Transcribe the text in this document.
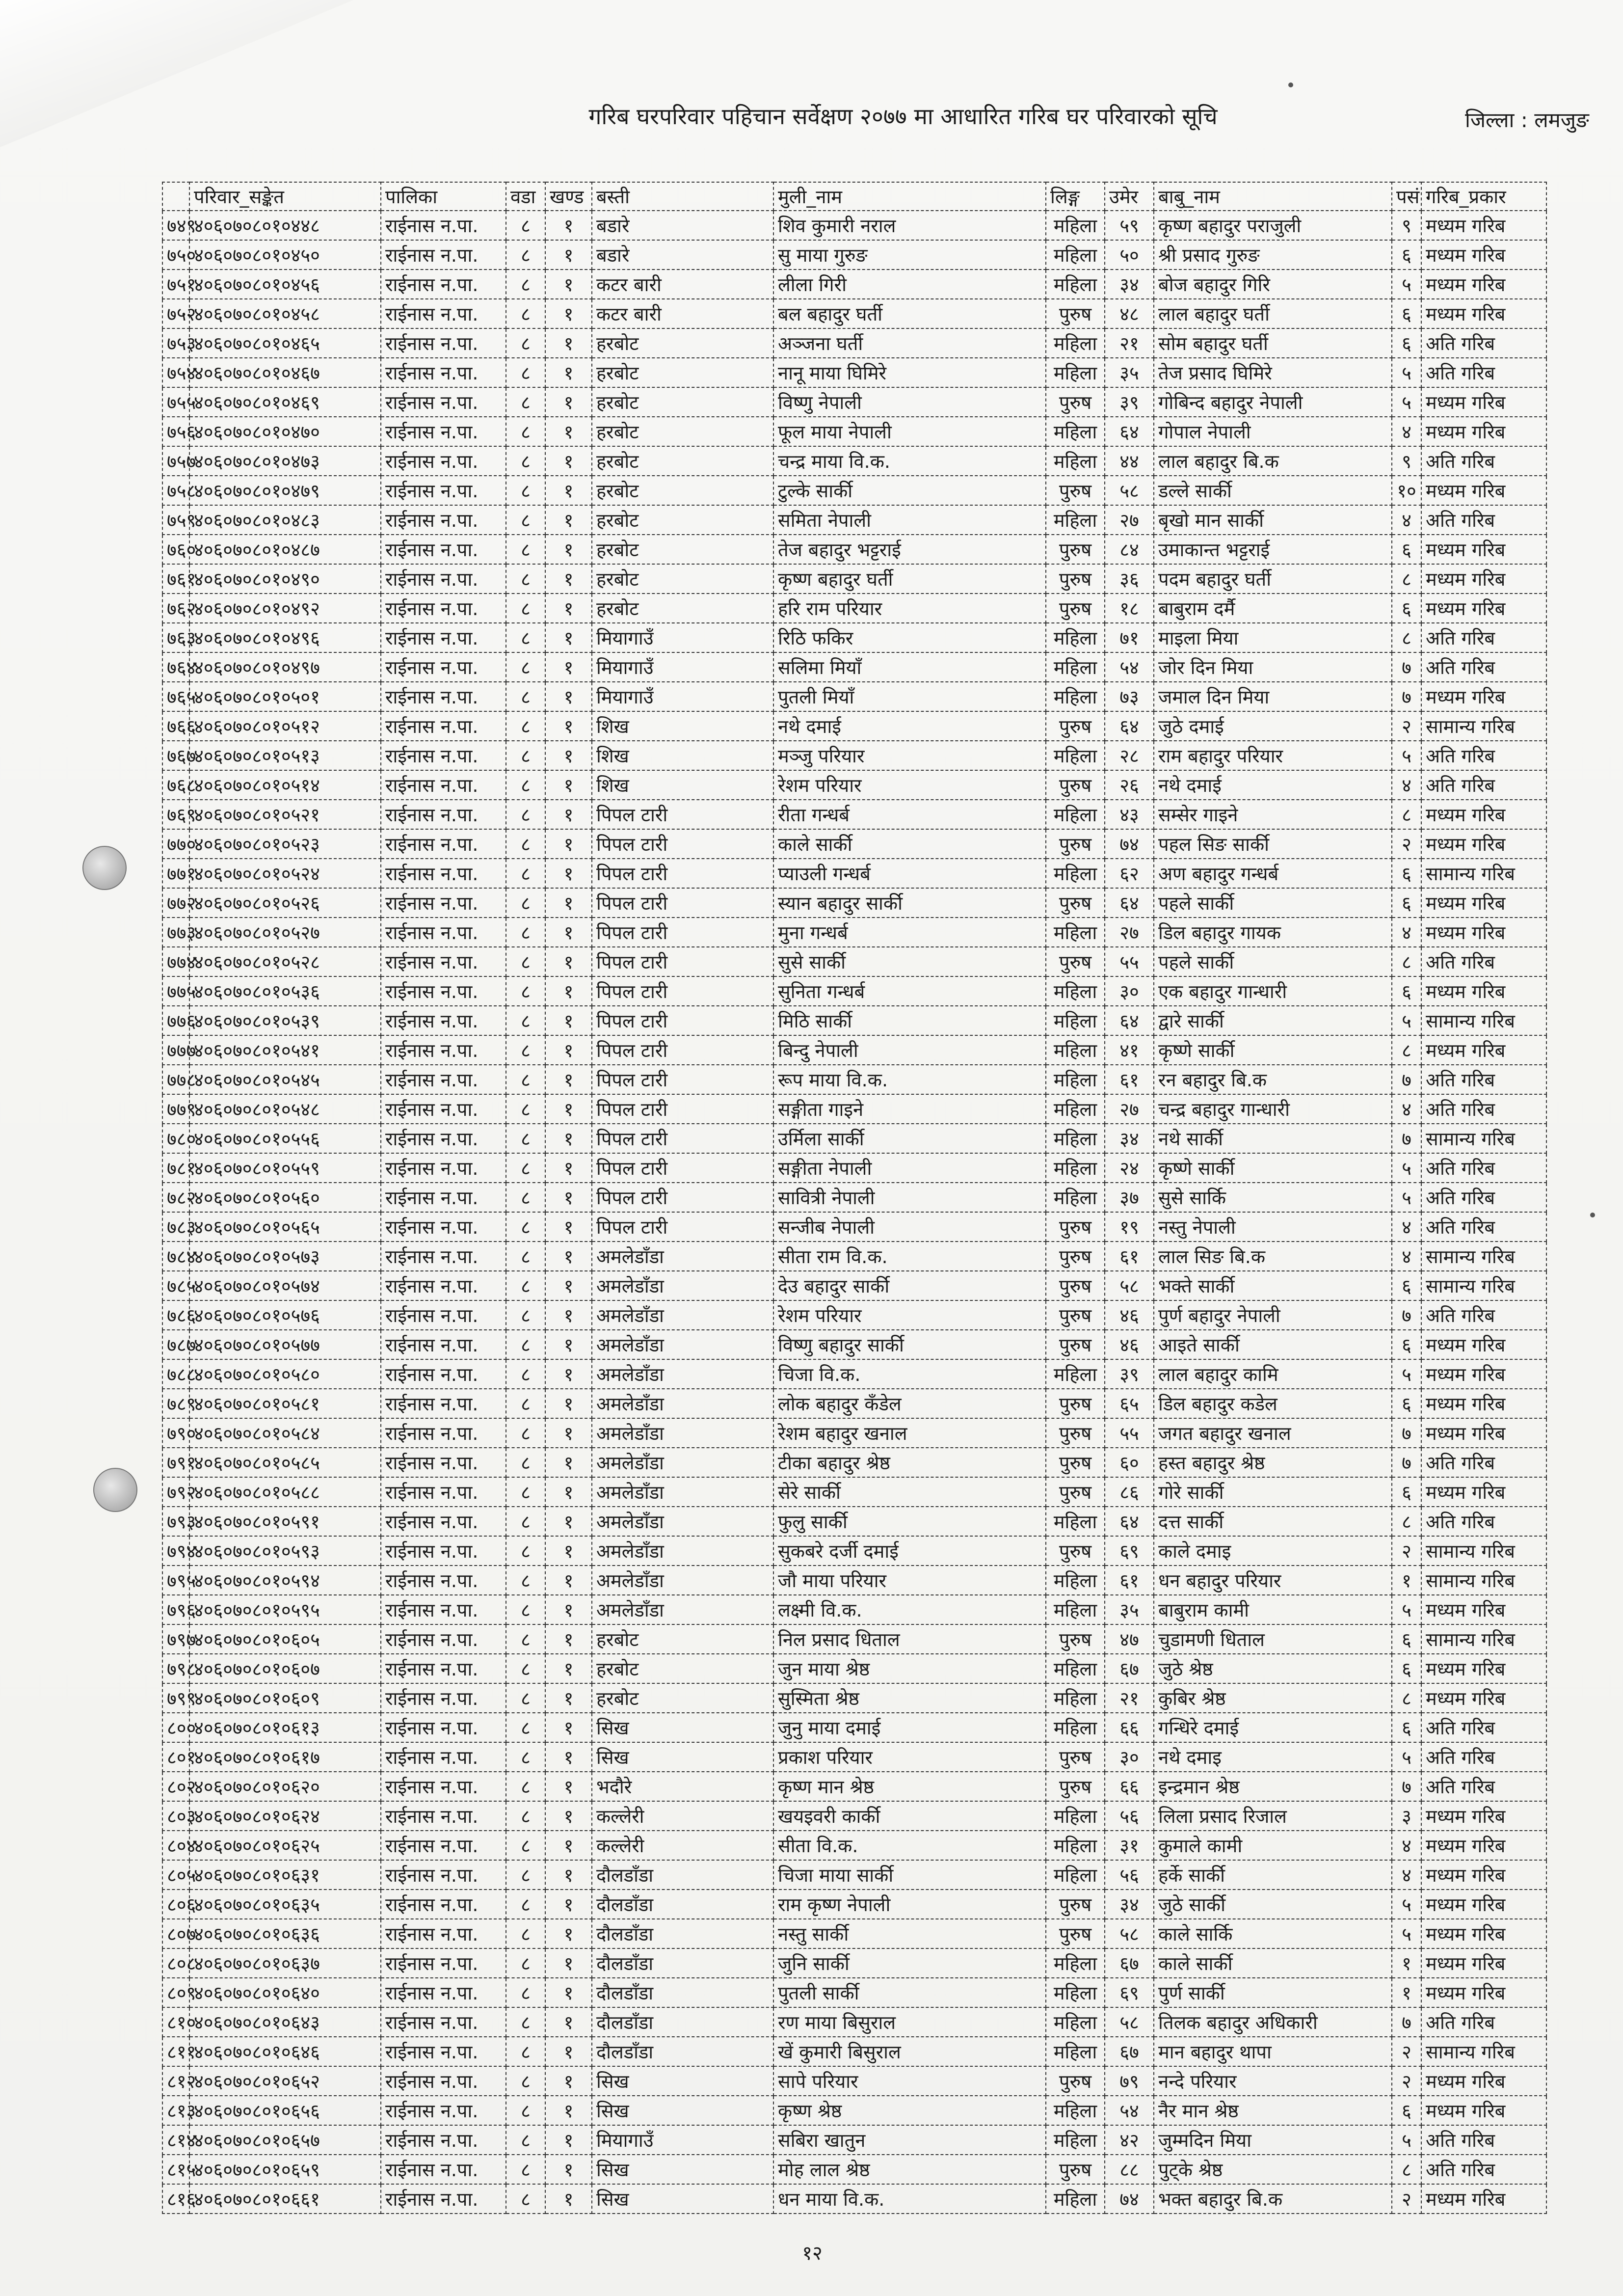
गरिब घरपरिवार पहिचान सर्वेक्षण २०७७ मा आधारित गरिब घर परिवारको सूचि	जिल्ला : लमजुङ
	परिवार_सङ्केत	पालिका	वडा	खण्ड	बस्ती	मुली_नाम	लिङ्ग	उमेर	बाबु_नाम	पसं	गरिब_प्रकार
७४९	४०६०७०८०१०४४८	राईनास न.पा.	८	१	बडारे	शिव कुमारी नराल	महिला	५९	कृष्ण बहादुर पराजुली	९	मध्यम गरिब
७५०	४०६०७०८०१०४५०	राईनास न.पा.	८	१	बडारे	सु माया गुरुङ	महिला	५०	श्री प्रसाद गुरुङ	६	मध्यम गरिब
७५१	४०६०७०८०१०४५६	राईनास न.पा.	८	१	कटर बारी	लीला गिरी	महिला	३४	बोज बहादुर गिरि	५	मध्यम गरिब
७५२	४०६०७०८०१०४५८	राईनास न.पा.	८	१	कटर बारी	बल बहादुर घर्ती	पुरुष	४८	लाल बहादुर घर्ती	६	मध्यम गरिब
७५३	४०६०७०८०१०४६५	राईनास न.पा.	८	१	हरबोट	अञ्जना घर्ती	महिला	२१	सोम बहादुर घर्ती	६	अति गरिब
७५४	४०६०७०८०१०४६७	राईनास न.पा.	८	१	हरबोट	नानू माया घिमिरे	महिला	३५	तेज प्रसाद घिमिरे	५	अति गरिब
७५५	४०६०७०८०१०४६९	राईनास न.पा.	८	१	हरबोट	विष्णु नेपाली	पुरुष	३९	गोबिन्द बहादुर नेपाली	५	मध्यम गरिब
७५६	४०६०७०८०१०४७०	राईनास न.पा.	८	१	हरबोट	फूल माया नेपाली	महिला	६४	गोपाल नेपाली	४	मध्यम गरिब
७५७	४०६०७०८०१०४७३	राईनास न.पा.	८	१	हरबोट	चन्द्र माया वि.क.	महिला	४४	लाल बहादुर बि.क	९	अति गरिब
७५८	४०६०७०८०१०४७९	राईनास न.पा.	८	१	हरबोट	टुल्के सार्की	पुरुष	५८	डल्ले सार्की	१०	मध्यम गरिब
७५९	४०६०७०८०१०४८३	राईनास न.पा.	८	१	हरबोट	समिता नेपाली	महिला	२७	बृखो मान सार्की	४	अति गरिब
७६०	४०६०७०८०१०४८७	राईनास न.पा.	८	१	हरबोट	तेज बहादुर भट्टराई	पुरुष	८४	उमाकान्त भट्टराई	६	मध्यम गरिब
७६१	४०६०७०८०१०४९०	राईनास न.पा.	८	१	हरबोट	कृष्ण बहादुर घर्ती	पुरुष	३६	पदम बहादुर घर्ती	८	मध्यम गरिब
७६२	४०६०७०८०१०४९२	राईनास न.पा.	८	१	हरबोट	हरि राम परियार	पुरुष	१८	बाबुराम दर्मै	६	मध्यम गरिब
७६३	४०६०७०८०१०४९६	राईनास न.पा.	८	१	मियागाउँ	रिठि फकिर	महिला	७१	माइला मिया	८	अति गरिब
७६४	४०६०७०८०१०४९७	राईनास न.पा.	८	१	मियागाउँ	सलिमा मियाँ	महिला	५४	जोर दिन मिया	७	अति गरिब
७६५	४०६०७०८०१०५०१	राईनास न.पा.	८	१	मियागाउँ	पुतली मियाँ	महिला	७३	जमाल दिन मिया	७	मध्यम गरिब
७६६	४०६०७०८०१०५१२	राईनास न.पा.	८	१	शिख	नथे दमाई	पुरुष	६४	जुठे दमाई	२	सामान्य गरिब
७६७	४०६०७०८०१०५१३	राईनास न.पा.	८	१	शिख	मञ्जु परियार	महिला	२८	राम बहादुर परियार	५	अति गरिब
७६८	४०६०७०८०१०५१४	राईनास न.पा.	८	१	शिख	रेशम परियार	पुरुष	२६	नथे दमाई	४	अति गरिब
७६९	४०६०७०८०१०५२१	राईनास न.पा.	८	१	पिपल टारी	रीता गन्धर्ब	महिला	४३	सम्सेर गाइने	८	मध्यम गरिब
७७०	४०६०७०८०१०५२३	राईनास न.पा.	८	१	पिपल टारी	काले सार्की	पुरुष	७४	पहल सिङ सार्की	२	मध्यम गरिब
७७१	४०६०७०८०१०५२४	राईनास न.पा.	८	१	पिपल टारी	प्याउली गन्धर्ब	महिला	६२	अण बहादुर गन्धर्ब	६	सामान्य गरिब
७७२	४०६०७०८०१०५२६	राईनास न.पा.	८	१	पिपल टारी	स्यान बहादुर सार्की	पुरुष	६४	पहले सार्की	६	मध्यम गरिब
७७३	४०६०७०८०१०५२७	राईनास न.पा.	८	१	पिपल टारी	मुना गन्धर्ब	महिला	२७	डिल बहादुर गायक	४	मध्यम गरिब
७७४	४०६०७०८०१०५२८	राईनास न.पा.	८	१	पिपल टारी	सुसे सार्की	पुरुष	५५	पहले सार्की	८	अति गरिब
७७५	४०६०७०८०१०५३६	राईनास न.पा.	८	१	पिपल टारी	सुनिता गन्धर्ब	महिला	३०	एक बहादुर गान्धारी	६	मध्यम गरिब
७७६	४०६०७०८०१०५३९	राईनास न.पा.	८	१	पिपल टारी	मिठि सार्की	महिला	६४	द्वारे सार्की	५	सामान्य गरिब
७७७	४०६०७०८०१०५४१	राईनास न.पा.	८	१	पिपल टारी	बिन्दु नेपाली	महिला	४१	कृष्णे सार्की	८	मध्यम गरिब
७७८	४०६०७०८०१०५४५	राईनास न.पा.	८	१	पिपल टारी	रूप माया वि.क.	महिला	६१	रन बहादुर बि.क	७	अति गरिब
७७९	४०६०७०८०१०५४८	राईनास न.पा.	८	१	पिपल टारी	सङ्गीता गाइने	महिला	२७	चन्द्र बहादुर गान्धारी	४	अति गरिब
७८०	४०६०७०८०१०५५६	राईनास न.पा.	८	१	पिपल टारी	उर्मिला सार्की	महिला	३४	नथे सार्की	७	सामान्य गरिब
७८१	४०६०७०८०१०५५९	राईनास न.पा.	८	१	पिपल टारी	सङ्गीता नेपाली	महिला	२४	कृष्णे सार्की	५	अति गरिब
७८२	४०६०७०८०१०५६०	राईनास न.पा.	८	१	पिपल टारी	सावित्री नेपाली	महिला	३७	सुसे सार्कि	५	अति गरिब
७८३	४०६०७०८०१०५६५	राईनास न.पा.	८	१	पिपल टारी	सन्जीब नेपाली	पुरुष	१९	नस्तु नेपाली	४	अति गरिब
७८४	४०६०७०८०१०५७३	राईनास न.पा.	८	१	अमलेडाँडा	सीता राम वि.क.	पुरुष	६१	लाल सिङ बि.क	४	सामान्य गरिब
७८५	४०६०७०८०१०५७४	राईनास न.पा.	८	१	अमलेडाँडा	देउ बहादुर सार्की	पुरुष	५८	भक्ते सार्की	६	सामान्य गरिब
७८६	४०६०७०८०१०५७६	राईनास न.पा.	८	१	अमलेडाँडा	रेशम परियार	पुरुष	४६	पुर्ण बहादुर नेपाली	७	अति गरिब
७८७	४०६०७०८०१०५७७	राईनास न.पा.	८	१	अमलेडाँडा	विष्णु बहादुर सार्की	पुरुष	४६	आइते सार्की	६	मध्यम गरिब
७८८	४०६०७०८०१०५८०	राईनास न.पा.	८	१	अमलेडाँडा	चिजा वि.क.	महिला	३९	लाल बहादुर कामि	५	मध्यम गरिब
७८९	४०६०७०८०१०५८१	राईनास न.पा.	८	१	अमलेडाँडा	लोक बहादुर कँडेल	पुरुष	६५	डिल बहादुर कडेल	६	मध्यम गरिब
७९०	४०६०७०८०१०५८४	राईनास न.पा.	८	१	अमलेडाँडा	रेशम बहादुर खनाल	पुरुष	५५	जगत बहादुर खनाल	७	मध्यम गरिब
७९१	४०६०७०८०१०५८५	राईनास न.पा.	८	१	अमलेडाँडा	टीका बहादुर श्रेष्ठ	पुरुष	६०	हस्त बहादुर श्रेष्ठ	७	अति गरिब
७९२	४०६०७०८०१०५८८	राईनास न.पा.	८	१	अमलेडाँडा	सेरे सार्की	पुरुष	८६	गोरे सार्की	६	मध्यम गरिब
७९३	४०६०७०८०१०५९१	राईनास न.पा.	८	१	अमलेडाँडा	फुलु सार्की	महिला	६४	दत्त सार्की	८	अति गरिब
७९४	४०६०७०८०१०५९३	राईनास न.पा.	८	१	अमलेडाँडा	सुकबरे दर्जी दमाई	पुरुष	६९	काले दमाइ	२	सामान्य गरिब
७९५	४०६०७०८०१०५९४	राईनास न.पा.	८	१	अमलेडाँडा	जौ माया परियार	महिला	६१	धन बहादुर परियार	१	सामान्य गरिब
७९६	४०६०७०८०१०५९५	राईनास न.पा.	८	१	अमलेडाँडा	लक्ष्मी वि.क.	महिला	३५	बाबुराम कामी	५	मध्यम गरिब
७९७	४०६०७०८०१०६०५	राईनास न.पा.	८	१	हरबोट	निल प्रसाद धिताल	पुरुष	४७	चुडामणी धिताल	६	सामान्य गरिब
७९८	४०६०७०८०१०६०७	राईनास न.पा.	८	१	हरबोट	जुन माया श्रेष्ठ	महिला	६७	जुठे श्रेष्ठ	६	मध्यम गरिब
७९९	४०६०७०८०१०६०९	राईनास न.पा.	८	१	हरबोट	सुस्मिता श्रेष्ठ	महिला	२१	कुबिर श्रेष्ठ	८	मध्यम गरिब
८००	४०६०७०८०१०६१३	राईनास न.पा.	८	१	सिख	जुनु माया दमाई	महिला	६६	गन्धिरे दमाई	६	अति गरिब
८०१	४०६०७०८०१०६१७	राईनास न.पा.	८	१	सिख	प्रकाश परियार	पुरुष	३०	नथे दमाइ	५	अति गरिब
८०२	४०६०७०८०१०६२०	राईनास न.पा.	८	१	भदौरे	कृष्ण मान श्रेष्ठ	पुरुष	६६	इन्द्रमान श्रेष्ठ	७	अति गरिब
८०३	४०६०७०८०१०६२४	राईनास न.पा.	८	१	कल्लेरी	खयइवरी कार्की	महिला	५६	लिला प्रसाद रिजाल	३	मध्यम गरिब
८०४	४०६०७०८०१०६२५	राईनास न.पा.	८	१	कल्लेरी	सीता वि.क.	महिला	३१	कुमाले कामी	४	मध्यम गरिब
८०५	४०६०७०८०१०६३१	राईनास न.पा.	८	१	दौलडाँडा	चिजा माया सार्की	महिला	५६	हर्के सार्की	४	मध्यम गरिब
८०६	४०६०७०८०१०६३५	राईनास न.पा.	८	१	दौलडाँडा	राम कृष्ण नेपाली	पुरुष	३४	जुठे सार्की	५	मध्यम गरिब
८०७	४०६०७०८०१०६३६	राईनास न.पा.	८	१	दौलडाँडा	नस्तु सार्की	पुरुष	५८	काले सार्कि	५	मध्यम गरिब
८०८	४०६०७०८०१०६३७	राईनास न.पा.	८	१	दौलडाँडा	जुनि सार्की	महिला	६७	काले सार्की	१	मध्यम गरिब
८०९	४०६०७०८०१०६४०	राईनास न.पा.	८	१	दौलडाँडा	पुतली सार्की	महिला	६९	पुर्ण सार्की	१	मध्यम गरिब
८१०	४०६०७०८०१०६४३	राईनास न.पा.	८	१	दौलडाँडा	रण माया बिसुराल	महिला	५८	तिलक बहादुर अधिकारी	७	अति गरिब
८११	४०६०७०८०१०६४६	राईनास न.पा.	८	१	दौलडाँडा	खें कुमारी बिसुराल	महिला	६७	मान बहादुर थापा	२	सामान्य गरिब
८१२	४०६०७०८०१०६५२	राईनास न.पा.	८	१	सिख	सापे परियार	पुरुष	७९	नन्दे परियार	२	मध्यम गरिब
८१३	४०६०७०८०१०६५६	राईनास न.पा.	८	१	सिख	कृष्ण श्रेष्ठ	महिला	५४	नैर मान श्रेष्ठ	६	मध्यम गरिब
८१४	४०६०७०८०१०६५७	राईनास न.पा.	८	१	मियागाउँ	सबिरा खातुन	महिला	४२	जुम्मदिन मिया	५	अति गरिब
८१५	४०६०७०८०१०६५९	राईनास न.पा.	८	१	सिख	मोह लाल श्रेष्ठ	पुरुष	८८	पुट्के श्रेष्ठ	८	अति गरिब
८१६	४०६०७०८०१०६६१	राईनास न.पा.	८	१	सिख	धन माया वि.क.	महिला	७४	भक्त बहादुर बि.क	२	मध्यम गरिब
१२
